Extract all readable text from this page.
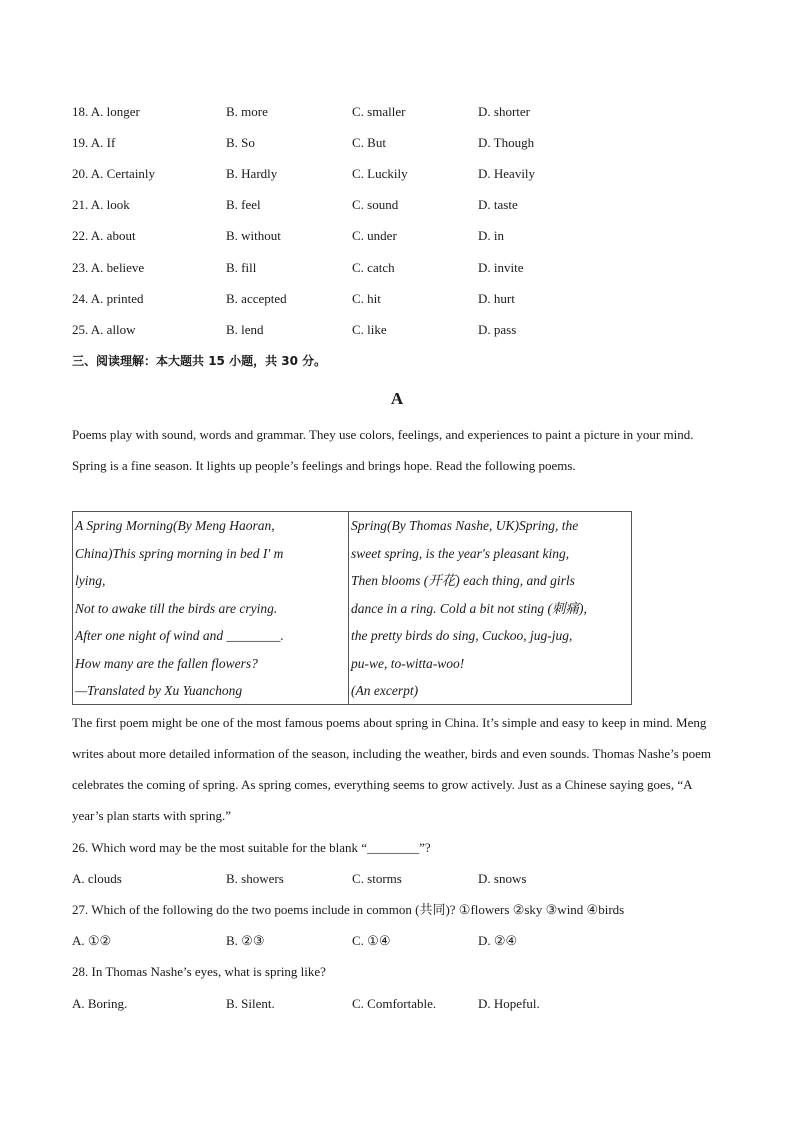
18. A. longer	B. more	C. smaller	D. shorter
19. A. If	B. So	C. But	D. Though
20. A. Certainly	B. Hardly	C. Luckily	D. Heavily
21. A. look	B. feel	C. sound	D. taste
22. A. about	B. without	C. under	D. in
23. A. believe	B. fill	C. catch	D. invite
24. A. printed	B. accepted	C. hit	D. hurt
25. A. allow	B. lend	C. like	D. pass
三、阅读理解：本大题共 15 小题，共 30 分。
A
Poems play with sound, words and grammar. They use colors, feelings, and experiences to paint a picture in your mind. Spring is a fine season. It lights up people’s feelings and brings hope. Read the following poems.
A Spring Morning(By Meng Haoran,
China)This spring morning in bed I' m
lying,
Not to awake till the birds are crying.
After one night of wind and ________.
How many are the fallen flowers?
—Translated by Xu Yuanchong
Spring(By Thomas Nashe, UK)Spring, the
sweet spring, is the year's pleasant king,
Then blooms (开花) each thing, and girls
dance in a ring. Cold a bit not sting (刺痛),
the pretty birds do sing, Cuckoo, jug-jug,
pu-we, to-witta-woo!
(An excerpt)
The first poem might be one of the most famous poems about spring in China. It’s simple and easy to keep in mind. Meng writes about more detailed information of the season, including the weather, birds and even sounds. Thomas Nashe’s poem celebrates the coming of spring. As spring comes, everything seems to grow actively. Just as a Chinese saying goes, “A year’s plan starts with spring.”
26. Which word may be the most suitable for the blank “________”?
A. clouds	B. showers	C. storms	D. snows
27. Which of the following do the two poems include in common (共同)? ①flowers ②sky ③wind ④birds
A. ①②	B. ②③	C. ①④	D. ②④
28. In Thomas Nashe’s eyes, what is spring like?
A. Boring.	B. Silent.	C. Comfortable.	D. Hopeful.
